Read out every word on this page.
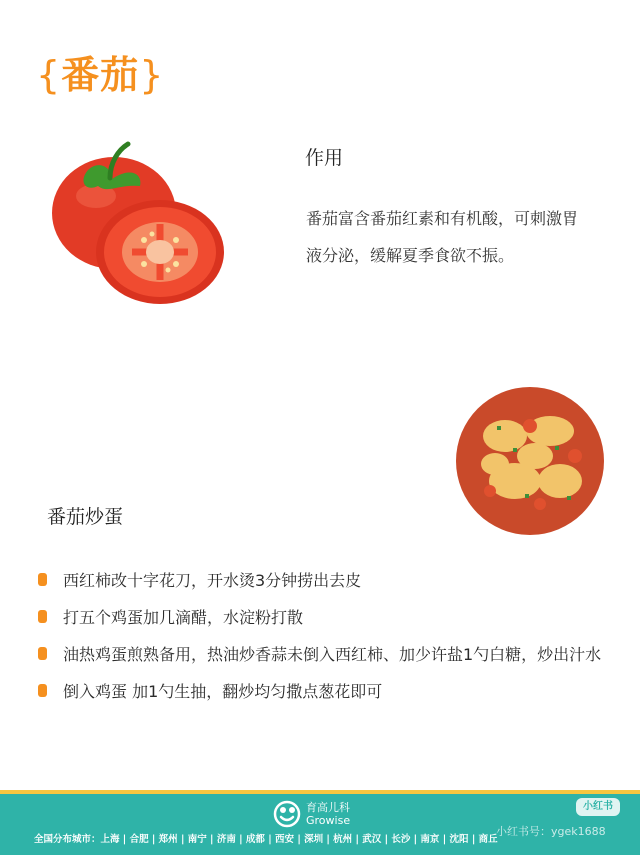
{番茄}
作用
番茄富含番茄红素和有机酸，可刺激胃液分泌，缓解夏季食欲不振。
番茄炒蛋
西红柿改十字花刀，开水烫3分钟捞出去皮
打五个鸡蛋加几滴醋，水淀粉打散
油热鸡蛋煎熟备用，热油炒香蒜未倒入西红柿、加少许盐1勺白糖，炒出汁水
倒入鸡蛋 加1勺生抽，翻炒均匀撒点葱花即可
育高儿科
Growise
全国分布城市：上海 | 合肥 | 郑州 | 南宁 | 济南 | 成都 | 西安 | 深圳 | 杭州 | 武汉 | 长沙 | 南京 | 沈阳 | 商丘
小红书
小红书号：ygek1688
